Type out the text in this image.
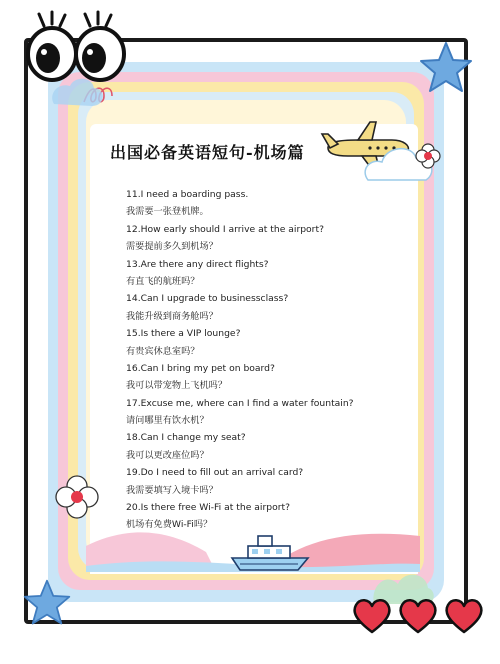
出国必备英语短句-机场篇
11.I need a boarding pass.
我需要一张登机牌。
12.How early should I arrive at the airport?
需要提前多久到机场？
13.Are there any direct flights?
有直飞的航班吗？
14.Can I upgrade to businessclass?
我能升级到商务舱吗？
15.Is there a VIP lounge?
有贵宾休息室吗？
16.Can I bring my pet on board?
我可以带宠物上飞机吗？
17.Excuse me, where can I find a water fountain?
请问哪里有饮水机？
18.Can I change my seat?
我可以更改座位吗？
19.Do I need to fill out an arrival card?
我需要填写入境卡吗？
20.Is there free Wi-Fi at the airport?
机场有免费Wi-Fi吗？
